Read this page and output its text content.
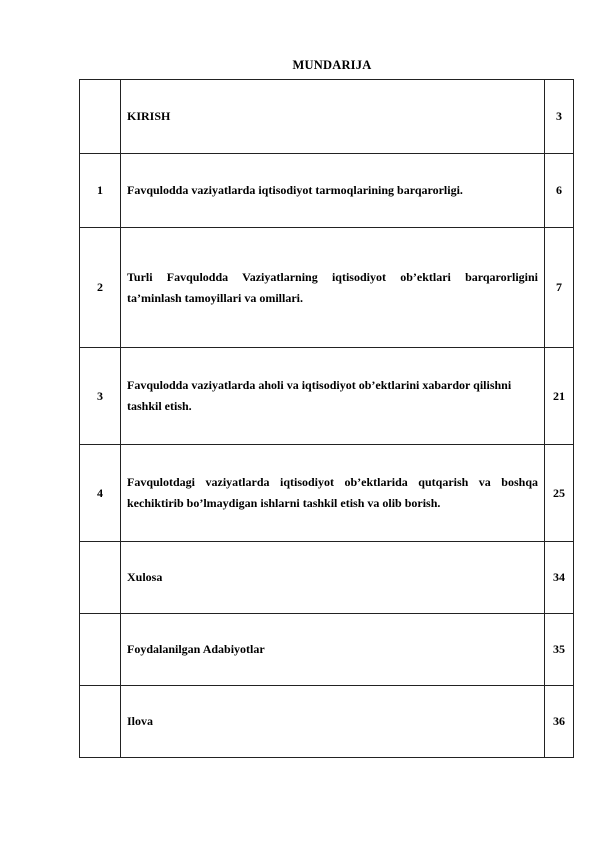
MUNDARIJA
	KIRISH	3
1	Favqulodda vaziyatlarda iqtisodiyot tarmoqlarining barqarorligi.	6
2	Turli Favqulodda Vaziyatlarning iqtisodiyot ob’ektlari barqarorligini ta’minlash tamoyillari va omillari.	7
3	Favqulodda vaziyatlarda aholi va iqtisodiyot ob’ektlarini xabardor qilishni tashkil etish.	21
4	Favqulotdagi vaziyatlarda iqtisodiyot ob’ektlarida qutqarish va boshqa kechiktirib bo’lmaydigan ishlarni tashkil etish va olib borish.	25
	Xulosa	34
	Foydalanilgan Adabiyotlar	35
	Ilova	36
